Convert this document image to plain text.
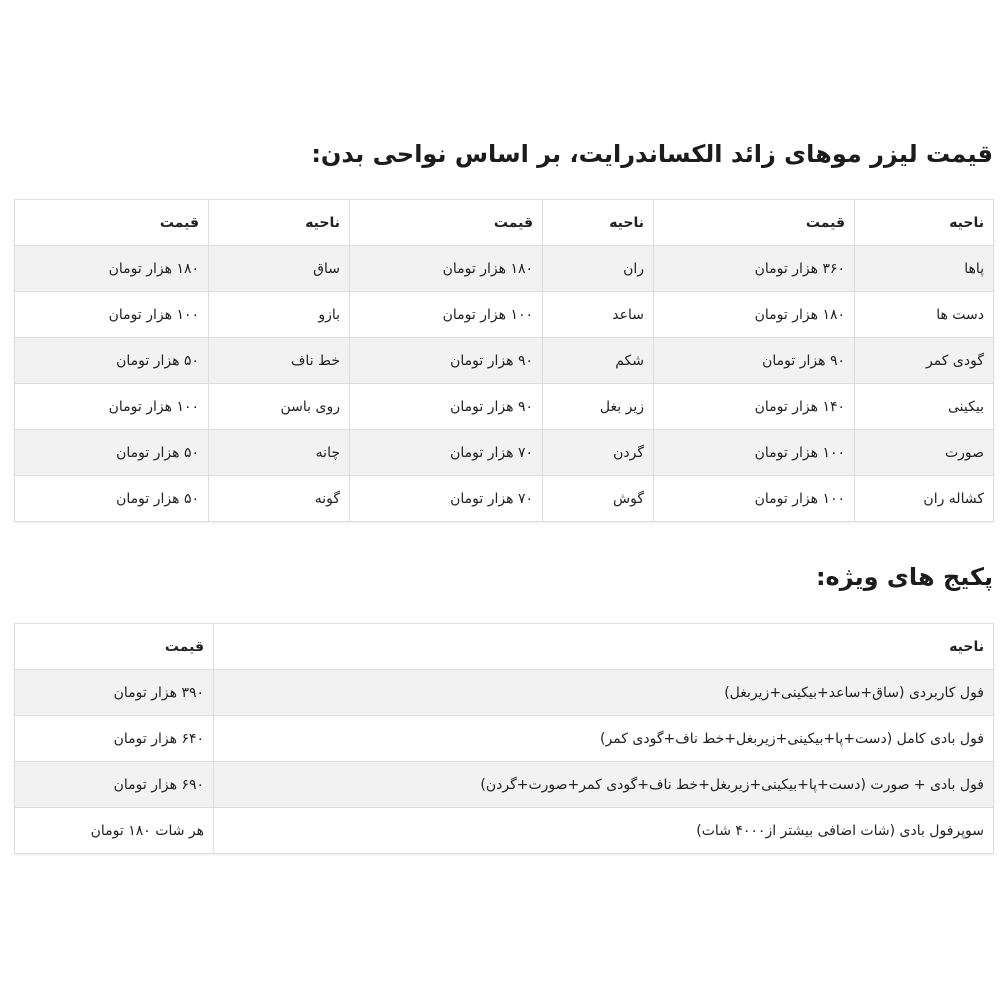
قیمت لیزر موهای زائد الکساندرایت، بر اساس نواحی بدن:
ناحیه	قیمت	ناحیه	قیمت	ناحیه	قیمت
پاها	۳۶۰ هزار تومان	ران	۱۸۰ هزار تومان	ساق	۱۸۰ هزار تومان
دست ها	۱۸۰ هزار تومان	ساعد	۱۰۰ هزار تومان	بازو	۱۰۰ هزار تومان
گودی کمر	۹۰ هزار تومان	شکم	۹۰ هزار تومان	خط ناف	۵۰ هزار تومان
بیکینی	۱۴۰ هزار تومان	زیر بغل	۹۰ هزار تومان	روی باسن	۱۰۰ هزار تومان
صورت	۱۰۰ هزار تومان	گردن	۷۰ هزار تومان	چانه	۵۰ هزار تومان
کشاله ران	۱۰۰ هزار تومان	گوش	۷۰ هزار تومان	گونه	۵۰ هزار تومان
پکیج های ویژه:
ناحیه	قیمت
فول کاربردی (ساق+ساعد+بیکینی+زیربغل)	۳۹۰ هزار تومان
فول بادی کامل (دست+پا+بیکینی+زیربغل+خط ناف+گودی کمر)	۶۴۰ هزار تومان
فول بادی + صورت (دست+پا+بیکینی+زیربغل+خط ناف+گودی کمر+صورت+گردن)	۶۹۰ هزار تومان
سوپرفول بادی (شات اضافی بیشتر از۴۰۰۰ شات)	هر شات ۱۸۰ تومان
